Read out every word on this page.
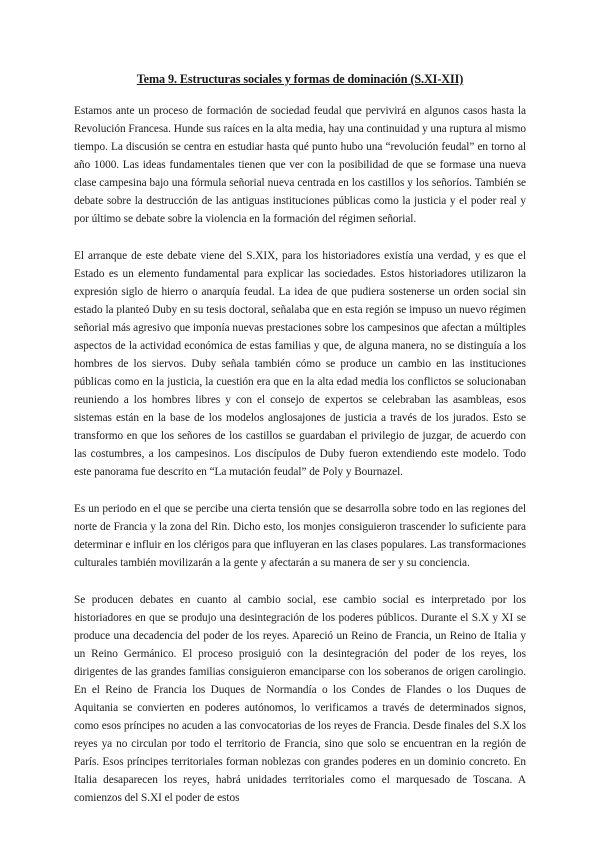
Tema 9. Estructuras sociales y formas de dominación (S.XI-XII)

Estamos ante un proceso de formación de sociedad feudal que pervivirá en algunos casos hasta la Revolución Francesa. Hunde sus raíces en la alta media, hay una continuidad y una ruptura al mismo tiempo. La discusión se centra en estudiar hasta qué punto hubo una “revolución feudal” en torno al año 1000. Las ideas fundamentales tienen que ver con la posibilidad de que se formase una nueva clase campesina bajo una fórmula señorial nueva centrada en los castillos y los señoríos. También se debate sobre la destrucción de las antiguas instituciones públicas como la justicia y el poder real y por último se debate sobre la violencia en la formación del régimen señorial.

El arranque de este debate viene del S.XIX, para los historiadores existía una verdad, y es que el Estado es un elemento fundamental para explicar las sociedades. Estos historiadores utilizaron la expresión siglo de hierro o anarquía feudal. La idea de que pudiera sostenerse un orden social sin estado la planteó Duby en su tesis doctoral, señalaba que en esta región se impuso un nuevo régimen señorial más agresivo que imponía nuevas prestaciones sobre los campesinos que afectan a múltiples aspectos de la actividad económica de estas familias y que, de alguna manera, no se distinguía a los hombres de los siervos. Duby señala también cómo se produce un cambio en las instituciones públicas como en la justicia, la cuestión era que en la alta edad media los conflictos se solucionaban reuniendo a los hombres libres y con el consejo de expertos se celebraban las asambleas, esos sistemas están en la base de los modelos anglosajones de justicia a través de los jurados. Esto se transformo en que los señores de los castillos se guardaban el privilegio de juzgar, de acuerdo con las costumbres, a los campesinos. Los discípulos de Duby fueron extendiendo este modelo. Todo este panorama fue descrito en “La mutación feudal” de Poly y Bournazel.

Es un periodo en el que se percibe una cierta tensión que se desarrolla sobre todo en las regiones del norte de Francia y la zona del Rin. Dicho esto, los monjes consiguieron trascender lo suficiente para determinar e influir en los clérigos para que influyeran en las clases populares. Las transformaciones culturales también movilizarán a la gente y afectarán a su manera de ser y su conciencia.

Se producen debates en cuanto al cambio social, ese cambio social es interpretado por los historiadores en que se produjo una desintegración de los poderes públicos. Durante el S.X y XI se produce una decadencia del poder de los reyes. Apareció un Reino de Francia, un Reino de Italia y un Reino Germánico. El proceso prosiguió con la desintegración del poder de los reyes, los dirigentes de las grandes familias consiguieron emanciparse con los soberanos de origen carolingio. En el Reino de Francia los Duques de Normandía o los Condes de Flandes o los Duques de Aquitania se convierten en poderes autónomos, lo verificamos a través de determinados signos, como esos príncipes no acuden a las convocatorias de los reyes de Francia. Desde finales del S.X los reyes ya no circulan por todo el territorio de Francia, sino que solo se encuentran en la región de París. Esos príncipes territoriales forman noblezas con grandes poderes en un dominio concreto. En Italia desaparecen los reyes, habrá unidades territoriales como el marquesado de Toscana. A comienzos del S.XI el poder de estos
